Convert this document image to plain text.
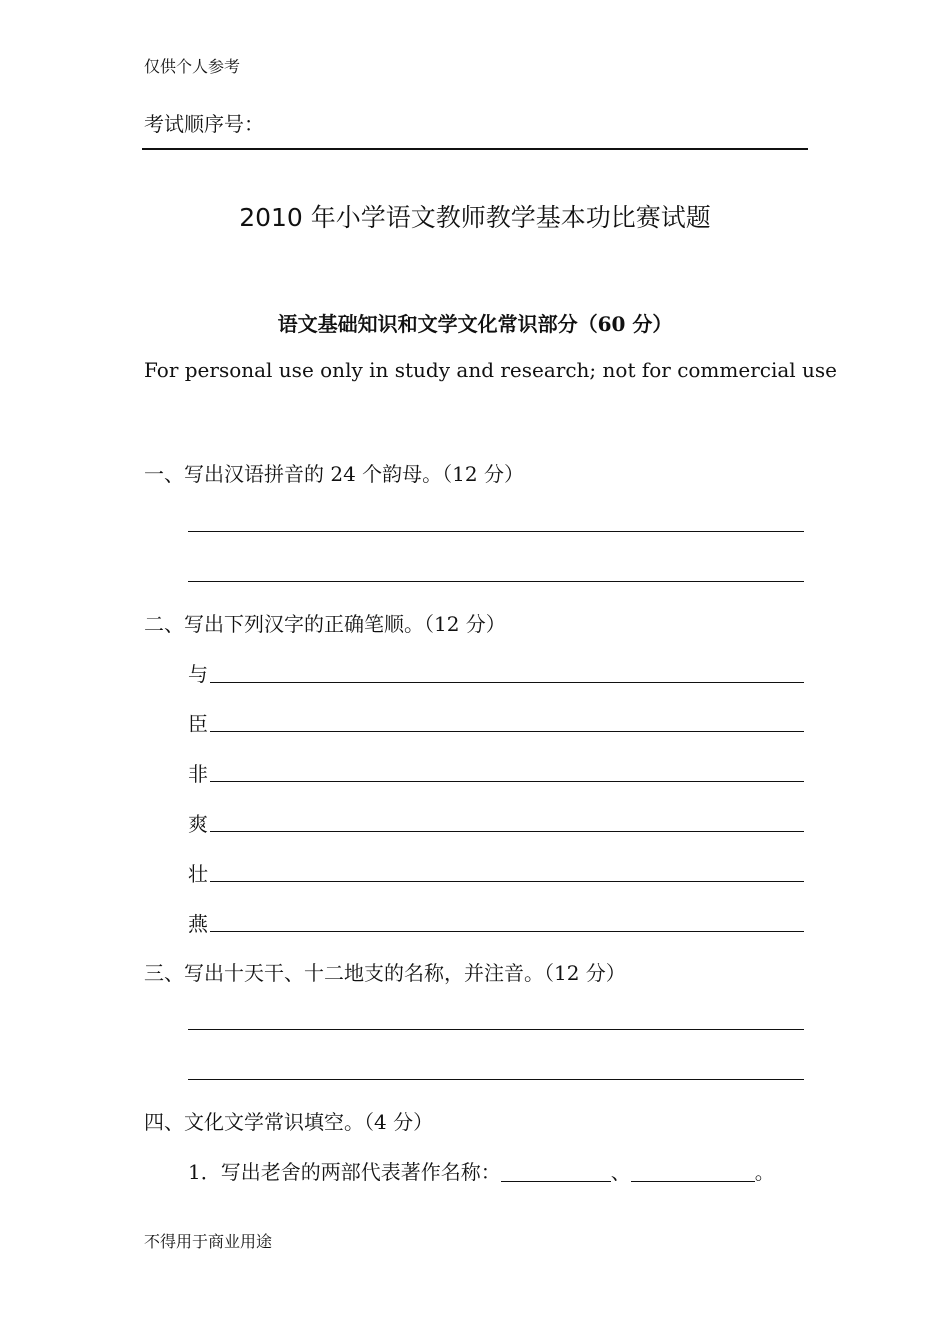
仅供个人参考
考试顺序号：
2010 年小学语文教师教学基本功比赛试题
语文基础知识和文学文化常识部分（60 分）
For personal use only in study and research; not for commercial use
一、写出汉语拼音的 24 个韵母。（12 分）
二、写出下列汉字的正确笔顺。（12 分）
与
臣
非
爽
壮
燕
三、写出十天干、十二地支的名称，并注音。（12 分）
四、文化文学常识填空。（4 分）
1．写出老舍的两部代表著作名称：	、	。
不得用于商业用途
